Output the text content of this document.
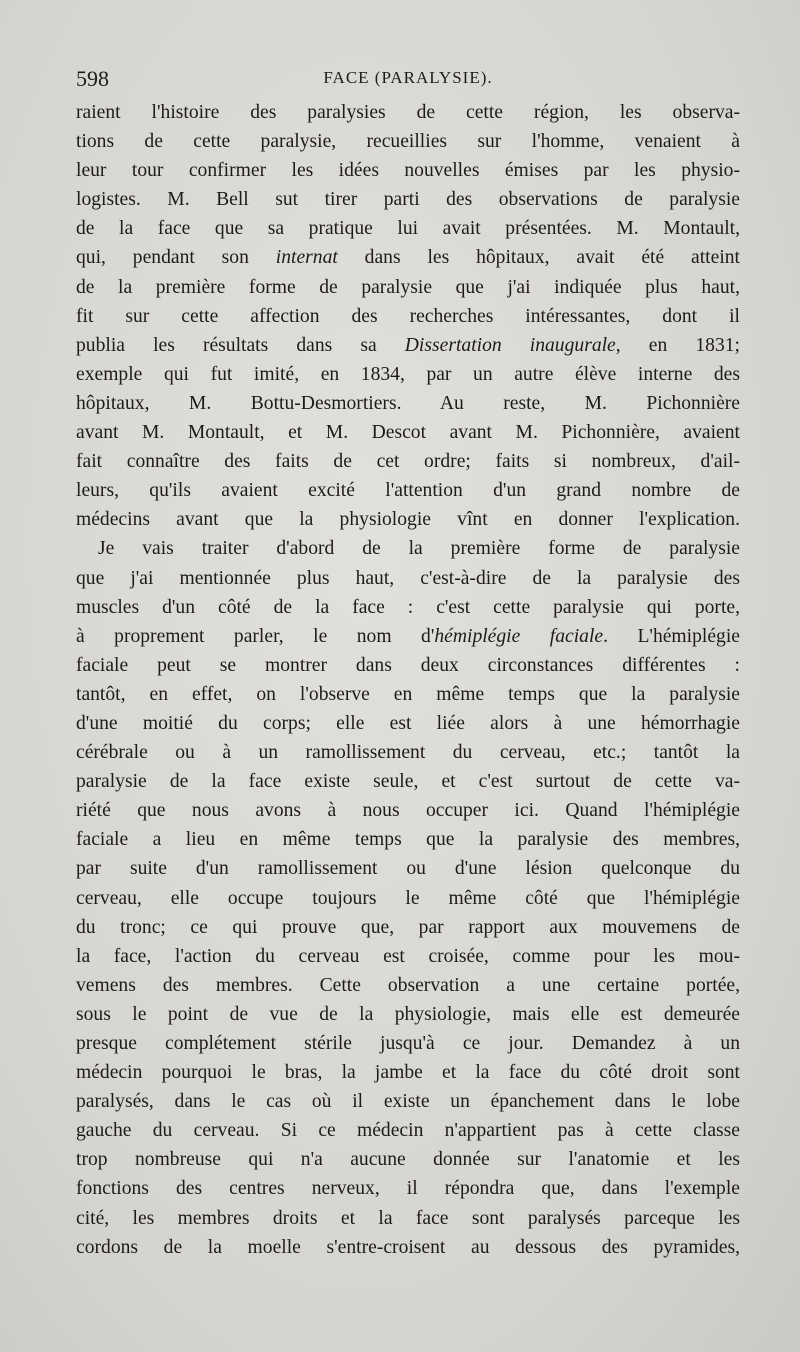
598	FACE (PARALYSIE).
raient l'histoire des paralysies de cette région, les observa-
tions de cette paralysie, recueillies sur l'homme, venaient à
leur tour confirmer les idées nouvelles émises par les physio-
logistes. M. Bell sut tirer parti des observations de paralysie
de la face que sa pratique lui avait présentées. M. Montault,
qui, pendant son internat dans les hôpitaux, avait été atteint
de la première forme de paralysie que j'ai indiquée plus haut,
fit sur cette affection des recherches intéressantes, dont il
publia les résultats dans sa Dissertation inaugurale, en 1831;
exemple qui fut imité, en 1834, par un autre élève interne des
hôpitaux, M. Bottu-Desmortiers. Au reste, M. Pichonnière
avant M. Montault, et M. Descot avant M. Pichonnière, avaient
fait connaître des faits de cet ordre; faits si nombreux, d'ail-
leurs, qu'ils avaient excité l'attention d'un grand nombre de
médecins avant que la physiologie vînt en donner l'explication.
Je vais traiter d'abord de la première forme de paralysie
que j'ai mentionnée plus haut, c'est-à-dire de la paralysie des
muscles d'un côté de la face : c'est cette paralysie qui porte,
à proprement parler, le nom d'hémiplégie faciale. L'hémiplégie
faciale peut se montrer dans deux circonstances différentes :
tantôt, en effet, on l'observe en même temps que la paralysie
d'une moitié du corps; elle est liée alors à une hémorrhagie
cérébrale ou à un ramollissement du cerveau, etc.; tantôt la
paralysie de la face existe seule, et c'est surtout de cette va-
riété que nous avons à nous occuper ici. Quand l'hémiplégie
faciale a lieu en même temps que la paralysie des membres,
par suite d'un ramollissement ou d'une lésion quelconque du
cerveau, elle occupe toujours le même côté que l'hémiplégie
du tronc; ce qui prouve que, par rapport aux mouvemens de
la face, l'action du cerveau est croisée, comme pour les mou-
vemens des membres. Cette observation a une certaine portée,
sous le point de vue de la physiologie, mais elle est demeurée
presque complétement stérile jusqu'à ce jour. Demandez à un
médecin pourquoi le bras, la jambe et la face du côté droit sont
paralysés, dans le cas où il existe un épanchement dans le lobe
gauche du cerveau. Si ce médecin n'appartient pas à cette classe
trop nombreuse qui n'a aucune donnée sur l'anatomie et les
fonctions des centres nerveux, il répondra que, dans l'exemple
cité, les membres droits et la face sont paralysés parceque les
cordons de la moelle s'entre-croisent au dessous des pyramides,
